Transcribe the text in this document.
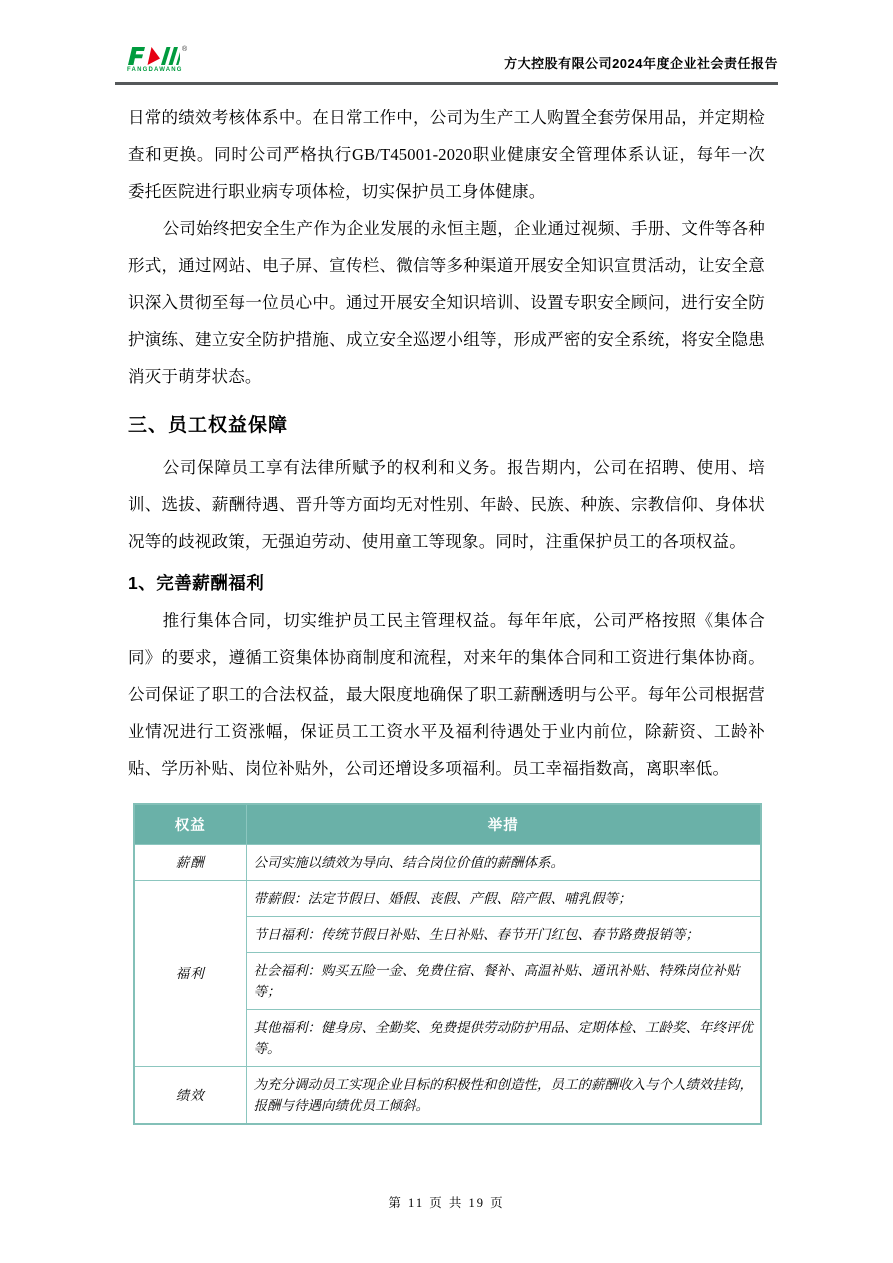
®
FANGDAWANG	方大控股有限公司2024年度企业社会责任报告

日常的绩效考核体系中。在日常工作中，公司为生产工人购置全套劳保用品，并定期检查和更换。同时公司严格执行GB/T45001-2020职业健康安全管理体系认证，每年一次委托医院进行职业病专项体检，切实保护员工身体健康。

公司始终把安全生产作为企业发展的永恒主题，企业通过视频、手册、文件等各种形式，通过网站、电子屏、宣传栏、微信等多种渠道开展安全知识宣贯活动，让安全意识深入贯彻至每一位员心中。通过开展安全知识培训、设置专职安全顾问，进行安全防护演练、建立安全防护措施、成立安全巡逻小组等，形成严密的安全系统，将安全隐患消灭于萌芽状态。

三、员工权益保障

公司保障员工享有法律所赋予的权利和义务。报告期内，公司在招聘、使用、培训、选拔、薪酬待遇、晋升等方面均无对性别、年龄、民族、种族、宗教信仰、身体状况等的歧视政策，无强迫劳动、使用童工等现象。同时，注重保护员工的各项权益。

1、完善薪酬福利

推行集体合同，切实维护员工民主管理权益。每年年底，公司严格按照《集体合同》的要求，遵循工资集体协商制度和流程，对来年的集体合同和工资进行集体协商。公司保证了职工的合法权益，最大限度地确保了职工薪酬透明与公平。每年公司根据营业情况进行工资涨幅，保证员工工资水平及福利待遇处于业内前位，除薪资、工龄补贴、学历补贴、岗位补贴外，公司还增设多项福利。员工幸福指数高，离职率低。

权益	举措
薪酬	公司实施以绩效为导向、结合岗位价值的薪酬体系。
福利	带薪假：法定节假日、婚假、丧假、产假、陪产假、哺乳假等；
	节日福利：传统节假日补贴、生日补贴、春节开门红包、春节路费报销等；
	社会福利：购买五险一金、免费住宿、餐补、高温补贴、通讯补贴、特殊岗位补贴等；
	其他福利：健身房、全勤奖、免费提供劳动防护用品、定期体检、工龄奖、年终评优等。
绩效	为充分调动员工实现企业目标的积极性和创造性，员工的薪酬收入与个人绩效挂钩，报酬与待遇向绩优员工倾斜。
第 11 页 共 19 页
